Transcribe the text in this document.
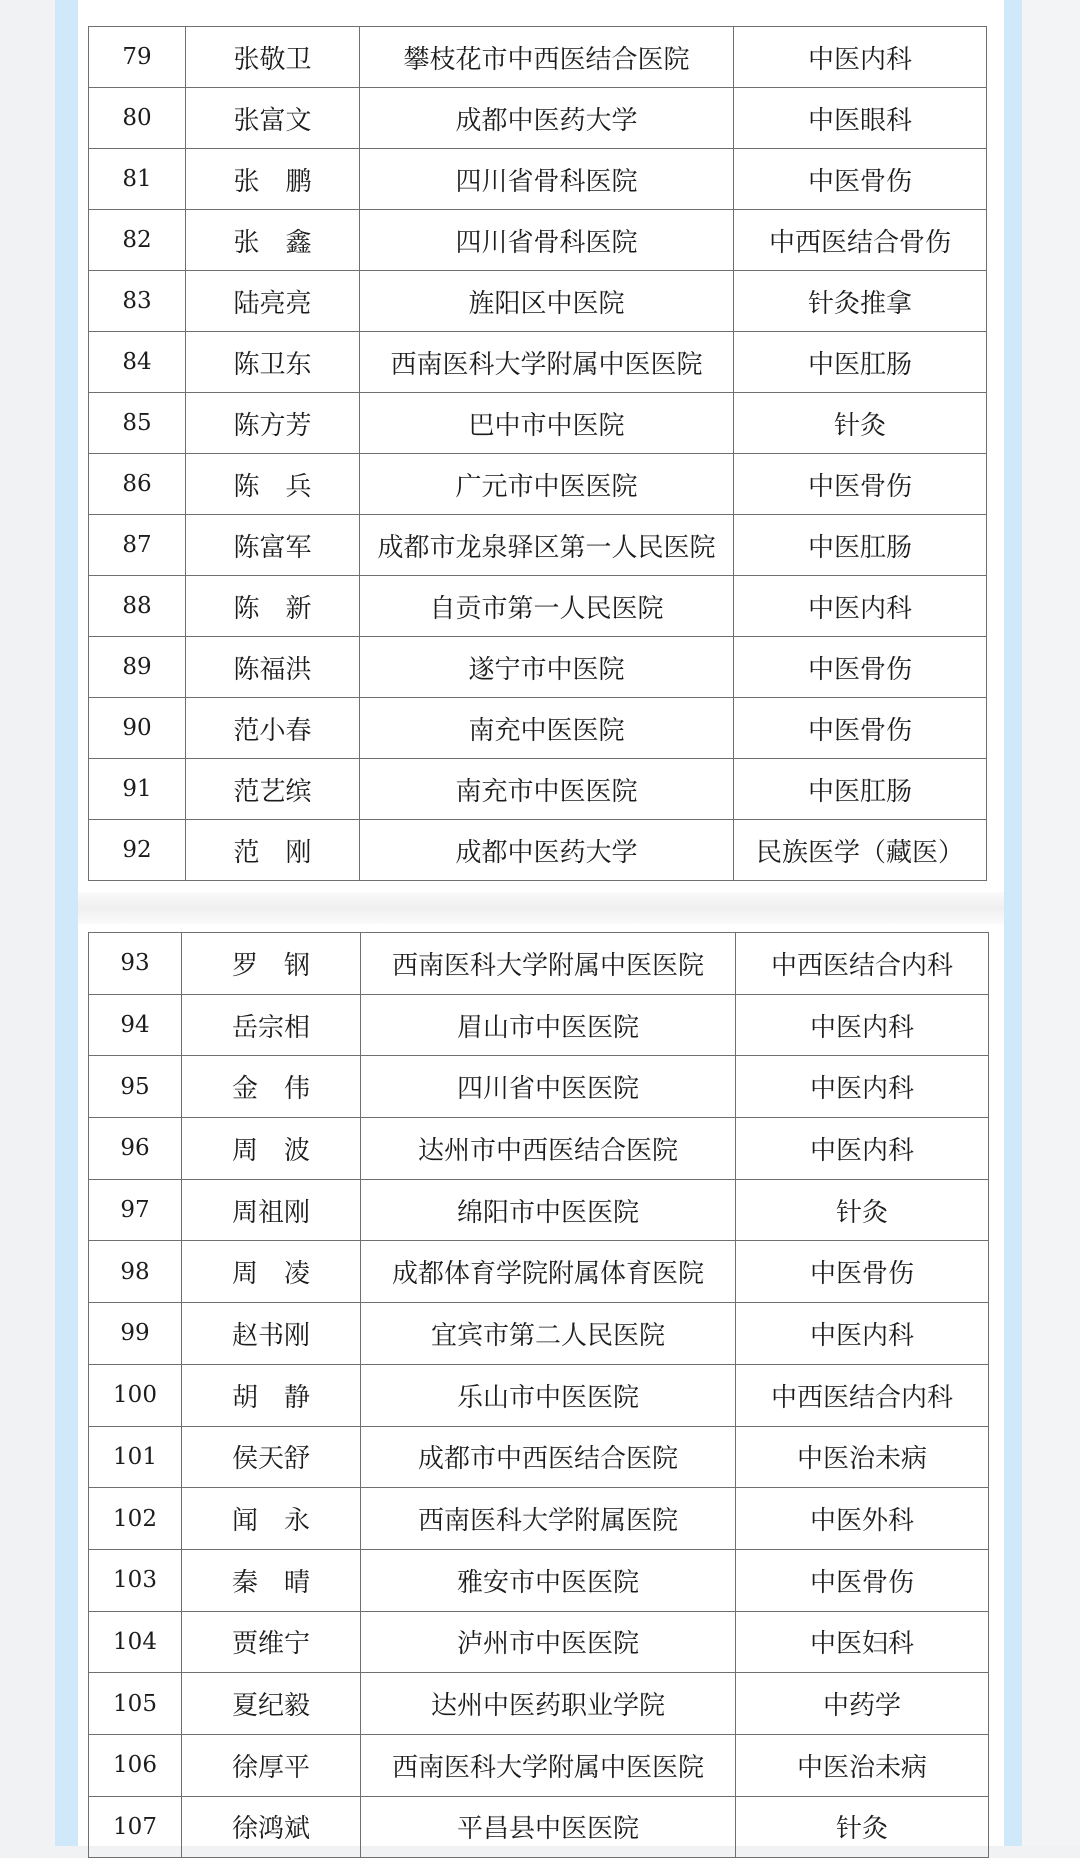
79	张敬卫	攀枝花市中西医结合医院	中医内科
80	张富文	成都中医药大学	中医眼科
81	张　鹏	四川省骨科医院	中医骨伤
82	张　鑫	四川省骨科医院	中西医结合骨伤
83	陆亮亮	旌阳区中医院	针灸推拿
84	陈卫东	西南医科大学附属中医医院	中医肛肠
85	陈方芳	巴中市中医院	针灸
86	陈　兵	广元市中医医院	中医骨伤
87	陈富军	成都市龙泉驿区第一人民医院	中医肛肠
88	陈　新	自贡市第一人民医院	中医内科
89	陈福洪	遂宁市中医院	中医骨伤
90	范小春	南充中医医院	中医骨伤
91	范艺缤	南充市中医医院	中医肛肠
92	范　刚	成都中医药大学	民族医学（藏医）
93	罗　钢	西南医科大学附属中医医院	中西医结合内科
94	岳宗相	眉山市中医医院	中医内科
95	金　伟	四川省中医医院	中医内科
96	周　波	达州市中西医结合医院	中医内科
97	周祖刚	绵阳市中医医院	针灸
98	周　凌	成都体育学院附属体育医院	中医骨伤
99	赵书刚	宜宾市第二人民医院	中医内科
100	胡　静	乐山市中医医院	中西医结合内科
101	侯天舒	成都市中西医结合医院	中医治未病
102	闻　永	西南医科大学附属医院	中医外科
103	秦　晴	雅安市中医医院	中医骨伤
104	贾维宁	泸州市中医医院	中医妇科
105	夏纪毅	达州中医药职业学院	中药学
106	徐厚平	西南医科大学附属中医医院	中医治未病
107	徐鸿斌	平昌县中医医院	针灸
